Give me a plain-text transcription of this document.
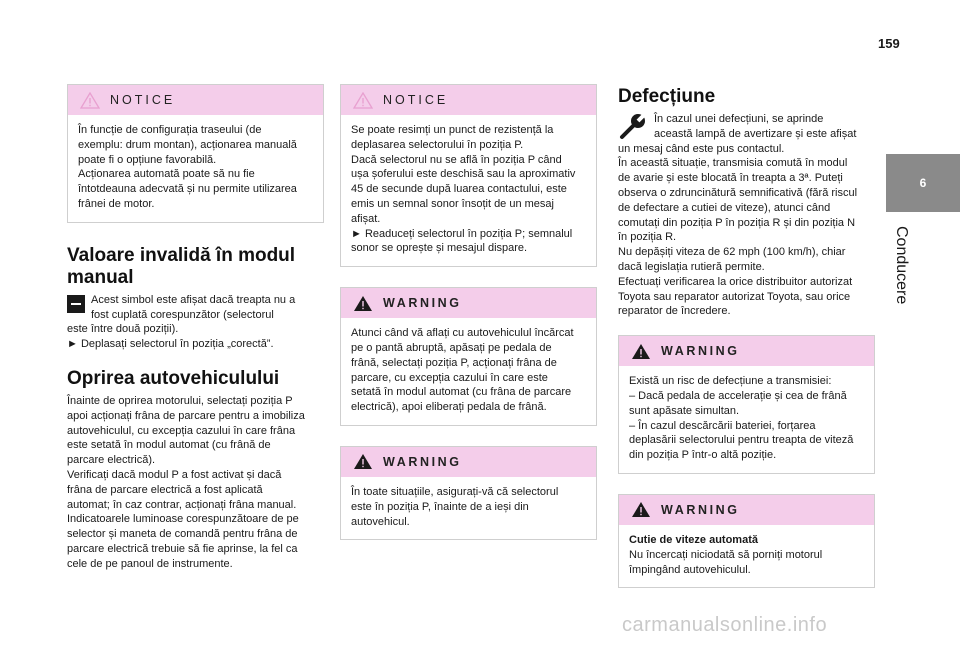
159
6
Conducere
NOTICE

În funcție de configurația traseului (de

exemplu: drum montan), acționarea manuală

poate fi o opțiune favorabilă.

Acționarea automată poate să nu fie

întotdeauna adecvată și nu permite utilizarea

frânei de motor.

Valoare invalidă în modul
manual

Acest simbol este afișat dacă treapta nu a

fost cuplată corespunzător (selectorul

este între două poziții).

► Deplasați selectorul în poziția „corectă”.

Oprirea autovehiculului

Înainte de oprirea motorului, selectați poziția P

apoi acționați frâna de parcare pentru a imobiliza

autovehiculul, cu excepția cazului în care frâna

este setată în modul automat (cu frână de

parcare electrică).

Verificați dacă modul P a fost activat și dacă

frâna de parcare electrică a fost aplicată

automat; în caz contrar, acționați frâna manual.

Indicatoarele luminoase corespunzătoare de pe

selector și maneta de comandă pentru frâna de

parcare electrică trebuie să fie aprinse, la fel ca

cele de pe panoul de instrumente.

NOTICE

Se poate resimți un punct de rezistență la

deplasarea selectorului în poziția P.

Dacă selectorul nu se află în poziția P când

ușa șoferului este deschisă sau la aproximativ

45 de secunde după luarea contactului, este

emis un semnal sonor însoțit de un mesaj

afișat.

► Readuceți selectorul în poziția P; semnalul

sonor se oprește și mesajul dispare.

WARNING

Atunci când vă aflați cu autovehiculul încărcat

pe o pantă abruptă, apăsați pe pedala de

frână, selectați poziția P, acționați frâna de

parcare, cu excepția cazului în care este

setată în modul automat (cu frâna de parcare

electrică), apoi eliberați pedala de frână.

WARNING

În toate situațiile, asigurați-vă că selectorul

este în poziția P, înainte de a ieși din

autovehicul.

Defecțiune

În cazul unei defecțiuni, se aprinde

această lampă de avertizare și este afișat

un mesaj când este pus contactul.

În această situație, transmisia comută în modul

de avarie și este blocată în treapta a 3ª. Puteți

observa o zdruncinătură semnificativă (fără riscul

de defectare a cutiei de viteze), atunci când

comutați din poziția P în poziția R și din poziția N

în poziția R.

Nu depășiți viteza de 62 mph (100 km/h), chiar

dacă legislația rutieră permite.

Efectuați verificarea la orice distribuitor autorizat

Toyota sau reparator autorizat Toyota, sau orice

reparator de încredere.

WARNING

Există un risc de defecțiune a transmisiei:

– Dacă pedala de accelerație și cea de frână

sunt apăsate simultan.

– În cazul descărcării bateriei, forțarea

deplasării selectorului pentru treapta de viteză

din poziția P într-o altă poziție.

WARNING

Cutie de viteze automată

Nu încercați niciodată să porniți motorul

împingând autovehiculul.

carmanualsonline.info
